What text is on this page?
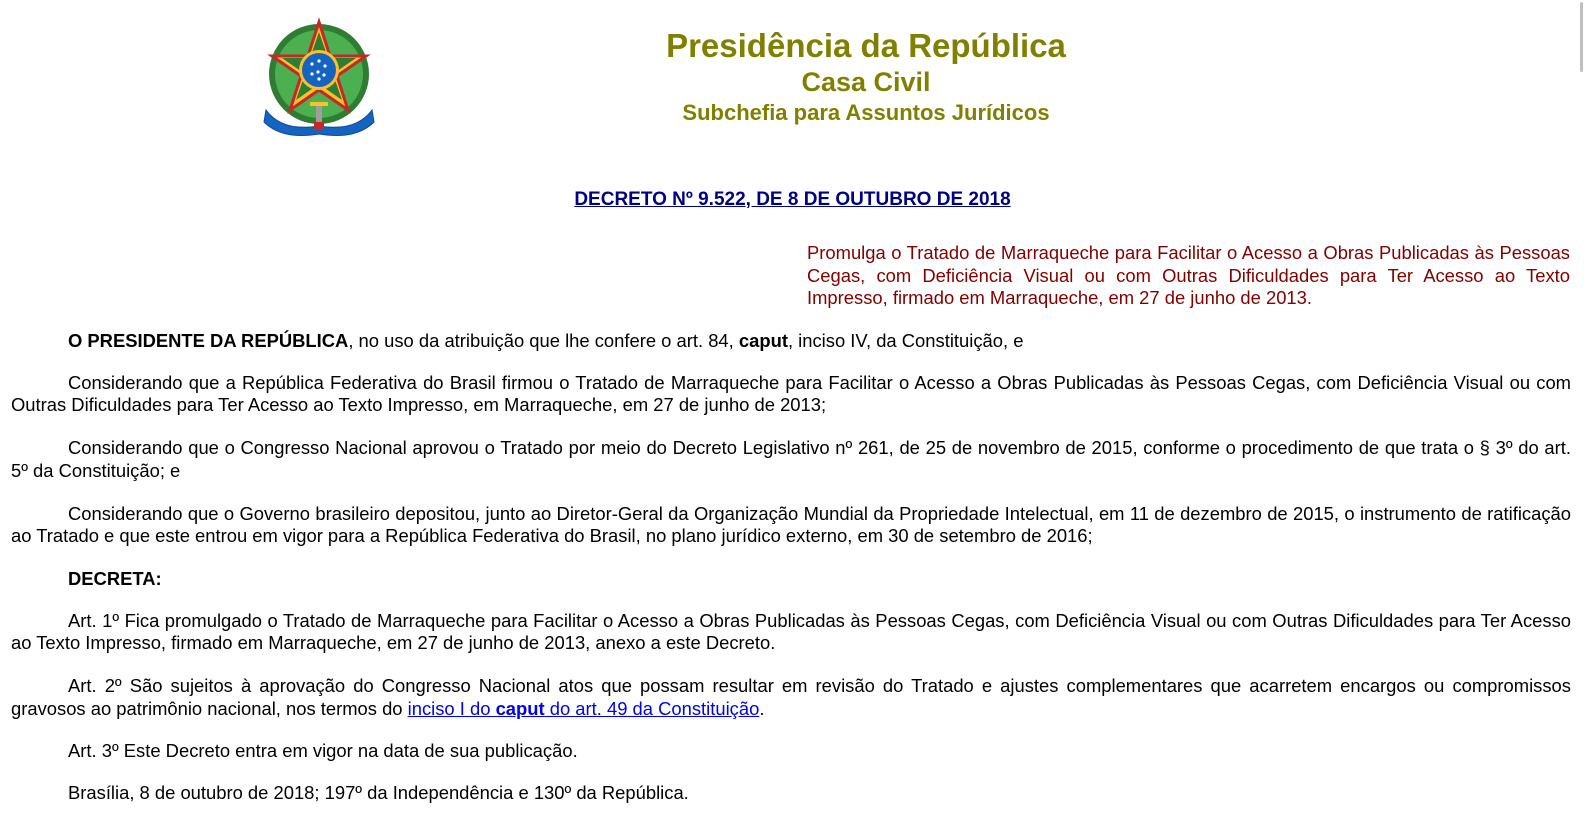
Presidência da República
Casa Civil
Subchefia para Assuntos Jurídicos
DECRETO Nº 9.522, DE 8 DE OUTUBRO DE 2018
Promulga o Tratado de Marraqueche para Facilitar o Acesso a Obras Publicadas às Pessoas Cegas, com Deficiência Visual ou com Outras Dificuldades para Ter Acesso ao Texto Impresso, firmado em Marraqueche, em 27 de junho de 2013.

O PRESIDENTE DA REPÚBLICA, no uso da atribuição que lhe confere o art. 84, caput, inciso IV, da Constituição, e

Considerando que a República Federativa do Brasil firmou o Tratado de Marraqueche para Facilitar o Acesso a Obras Publicadas às Pessoas Cegas, com Deficiência Visual ou com Outras Dificuldades para Ter Acesso ao Texto Impresso, em Marraqueche, em 27 de junho de 2013;

Considerando que o Congresso Nacional aprovou o Tratado por meio do Decreto Legislativo nº 261, de 25 de novembro de 2015, conforme o procedimento de que trata o § 3º do art. 5º da Constituição; e

Considerando que o Governo brasileiro depositou, junto ao Diretor-Geral da Organização Mundial da Propriedade Intelectual, em 11 de dezembro de 2015, o instrumento de ratificação ao Tratado e que este entrou em vigor para a República Federativa do Brasil, no plano jurídico externo, em 30 de setembro de 2016;

DECRETA:

Art. 1º Fica promulgado o Tratado de Marraqueche para Facilitar o Acesso a Obras Publicadas às Pessoas Cegas, com Deficiência Visual ou com Outras Dificuldades para Ter Acesso ao Texto Impresso, firmado em Marraqueche, em 27 de junho de 2013, anexo a este Decreto.

Art. 2º São sujeitos à aprovação do Congresso Nacional atos que possam resultar em revisão do Tratado e ajustes complementares que acarretem encargos ou compromissos gravosos ao patrimônio nacional, nos termos do inciso I do caput do art. 49 da Constituição.

Art. 3º Este Decreto entra em vigor na data de sua publicação.

Brasília, 8 de outubro de 2018; 197º da Independência e 130º da República.
